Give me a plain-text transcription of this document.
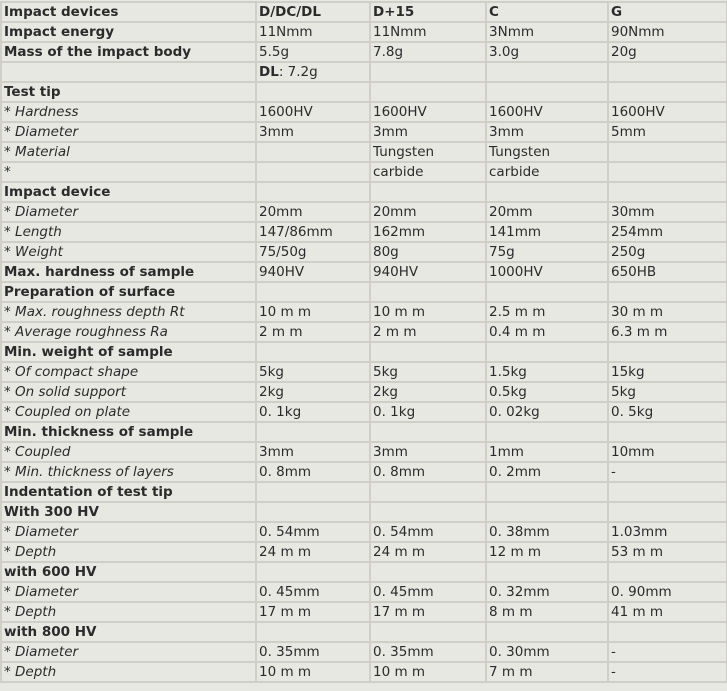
Impact devices	D/DC/DL	D+15	C	G
Impact energy	11Nmm	11Nmm	3Nmm	90Nmm
Mass of the impact body	5.5g	7.8g	3.0g	20g
	DL: 7.2g			
Test tip				
* Hardness	1600HV	1600HV	1600HV	1600HV
* Diameter	3mm	3mm	3mm	5mm
* Material		Tungsten	Tungsten	
*		carbide	carbide	
Impact device				
* Diameter	20mm	20mm	20mm	30mm
* Length	147/86mm	162mm	141mm	254mm
* Weight	75/50g	80g	75g	250g
Max. hardness of sample	940HV	940HV	1000HV	650HB
Preparation of surface				
* Max. roughness depth Rt	10 m m	10 m m	2.5 m m	30 m m
* Average roughness Ra	2 m m	2 m m	0.4 m m	6.3 m m
Min. weight of sample				
* Of compact shape	5kg	5kg	1.5kg	15kg
* On solid support	2kg	2kg	0.5kg	5kg
* Coupled on plate	0. 1kg	0. 1kg	0. 02kg	0. 5kg
Min. thickness of sample				
* Coupled	3mm	3mm	1mm	10mm
* Min. thickness of layers	0. 8mm	0. 8mm	0. 2mm	-
Indentation of test tip				
With 300 HV				
* Diameter	0. 54mm	0. 54mm	0. 38mm	1.03mm
* Depth	24 m m	24 m m	12 m m	53 m m
with 600 HV				
* Diameter	0. 45mm	0. 45mm	0. 32mm	0. 90mm
* Depth	17 m m	17 m m	8 m m	41 m m
with 800 HV				
* Diameter	0. 35mm	0. 35mm	0. 30mm	-
* Depth	10 m m	10 m m	7 m m	-
